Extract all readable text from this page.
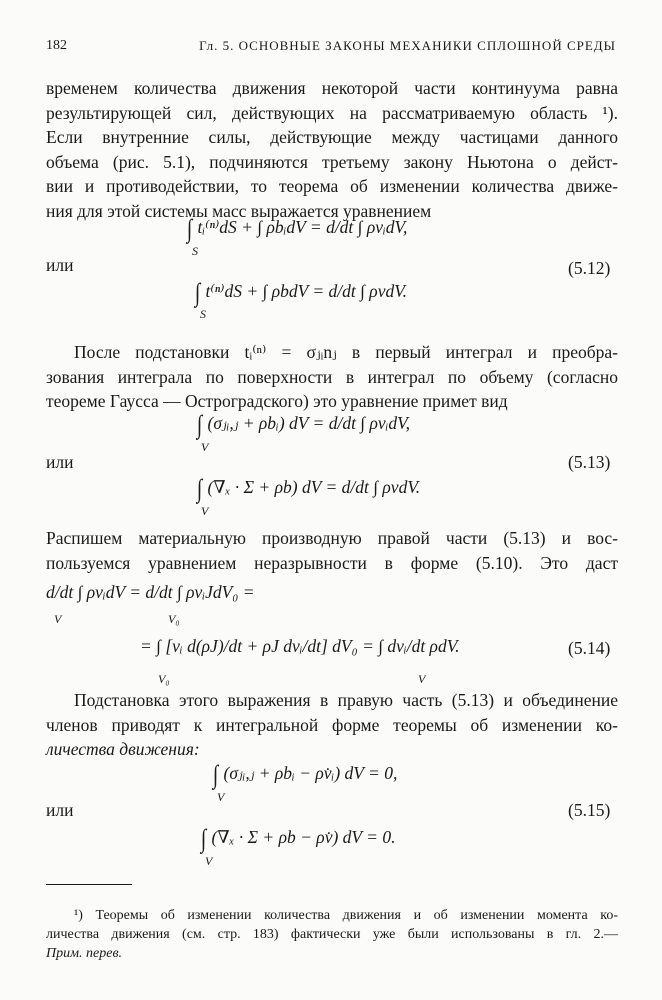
182	Гл. 5. ОСНОВНЫЕ ЗАКОНЫ МЕХАНИКИ СПЛОШНОЙ СРЕДЫ
временем количества движения некоторой части континуума равна
результирующей сил, действующих на рассматриваемую область ¹).
Если внутренние силы, действующие между частицами данного
объема (рис. 5.1), подчиняются третьему закону Ньютона о дейст-
вии и противодействии, то теорема об изменении количества движе-
ния для этой системы масс выражается уравнением
∫ tᵢ⁽ⁿ⁾dS + ∫ ρbᵢdV = d/dt ∫ ρvᵢdV,
S
или	(5.12)
∫ t⁽ⁿ⁾dS + ∫ ρbdV = d/dt ∫ ρvdV.
S
После подстановки tᵢ⁽ⁿ⁾ = σⱼᵢnⱼ в первый интеграл и преобра-
зования интеграла по поверхности в интеграл по объему (согласно
теореме Гаусса — Остроградского) это уравнение примет вид
∫ (σⱼᵢ,ⱼ + ρbᵢ) dV = d/dt ∫ ρvᵢdV,
V
или	(5.13)
∫ (∇ₓ · Σ + ρb) dV = d/dt ∫ ρvdV.
V
Распишем материальную производную правой части (5.13) и вос-
пользуемся уравнением неразрывности в форме (5.10). Это даст
d/dt ∫ ρvᵢdV = d/dt ∫ ρvᵢJdV₀ =
V	V₀
= ∫ [vᵢ d(ρJ)/dt + ρJ dvᵢ/dt] dV₀ = ∫ dvᵢ/dt ρdV.	(5.14)
V₀	V
Подстановка этого выражения в правую часть (5.13) и объединение
членов приводят к интегральной форме теоремы об изменении ко-
личества движения:
∫ (σⱼᵢ,ⱼ + ρbᵢ − ρv̇ᵢ) dV = 0,
V
или	(5.15)
∫ (∇ₓ · Σ + ρb − ρv̇) dV = 0.
V
¹) Теоремы об изменении количества движения и об изменении момента ко-
личества движения (см. стр. 183) фактически уже были использованы в гл. 2.—
Прим. перев.
